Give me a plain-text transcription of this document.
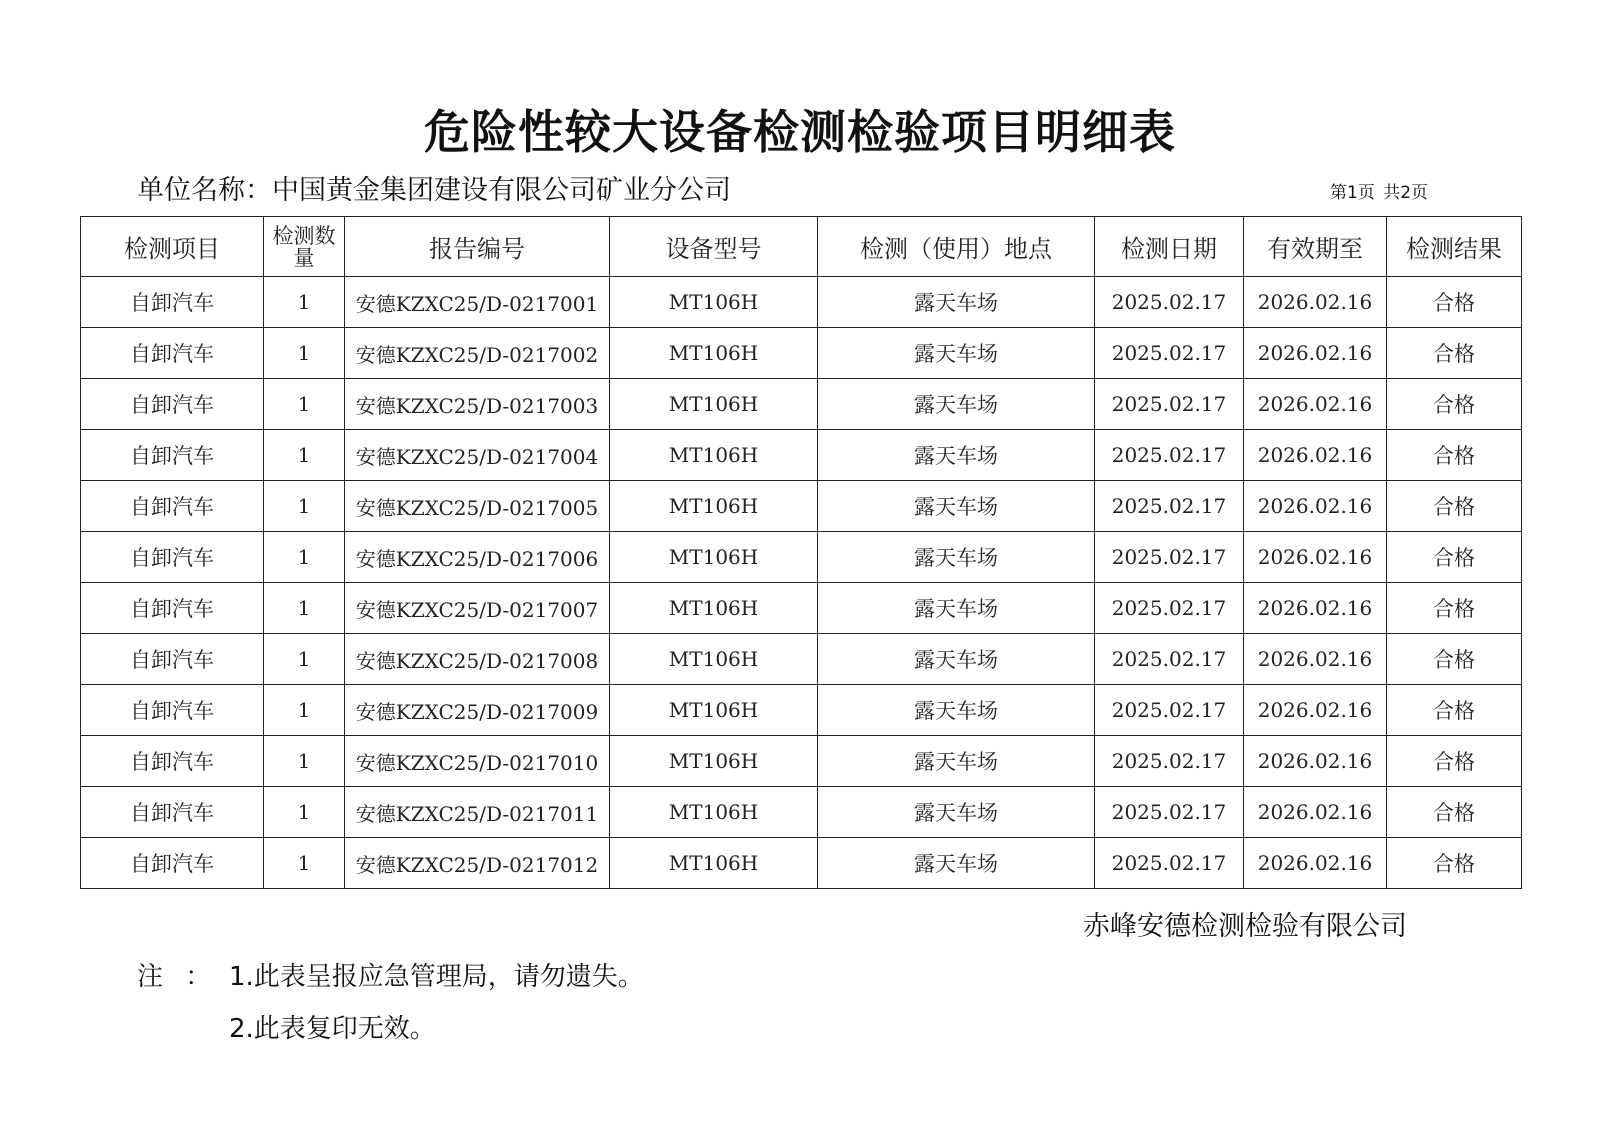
危险性较大设备检测检验项目明细表
单位名称：中国黄金集团建设有限公司矿业分公司	第1页 共2页
检测项目	检测数量	报告编号	设备型号	检测（使用）地点	检测日期	有效期至	检测结果
自卸汽车	1	安德KZXC25/D-0217001	MT106H	露天车场	2025.02.17	2026.02.16	合格
自卸汽车	1	安德KZXC25/D-0217002	MT106H	露天车场	2025.02.17	2026.02.16	合格
自卸汽车	1	安德KZXC25/D-0217003	MT106H	露天车场	2025.02.17	2026.02.16	合格
自卸汽车	1	安德KZXC25/D-0217004	MT106H	露天车场	2025.02.17	2026.02.16	合格
自卸汽车	1	安德KZXC25/D-0217005	MT106H	露天车场	2025.02.17	2026.02.16	合格
自卸汽车	1	安德KZXC25/D-0217006	MT106H	露天车场	2025.02.17	2026.02.16	合格
自卸汽车	1	安德KZXC25/D-0217007	MT106H	露天车场	2025.02.17	2026.02.16	合格
自卸汽车	1	安德KZXC25/D-0217008	MT106H	露天车场	2025.02.17	2026.02.16	合格
自卸汽车	1	安德KZXC25/D-0217009	MT106H	露天车场	2025.02.17	2026.02.16	合格
自卸汽车	1	安德KZXC25/D-0217010	MT106H	露天车场	2025.02.17	2026.02.16	合格
自卸汽车	1	安德KZXC25/D-0217011	MT106H	露天车场	2025.02.17	2026.02.16	合格
自卸汽车	1	安德KZXC25/D-0217012	MT106H	露天车场	2025.02.17	2026.02.16	合格
赤峰安德检测检验有限公司
注 ： 1.此表呈报应急管理局，请勿遗失。
2.此表复印无效。
